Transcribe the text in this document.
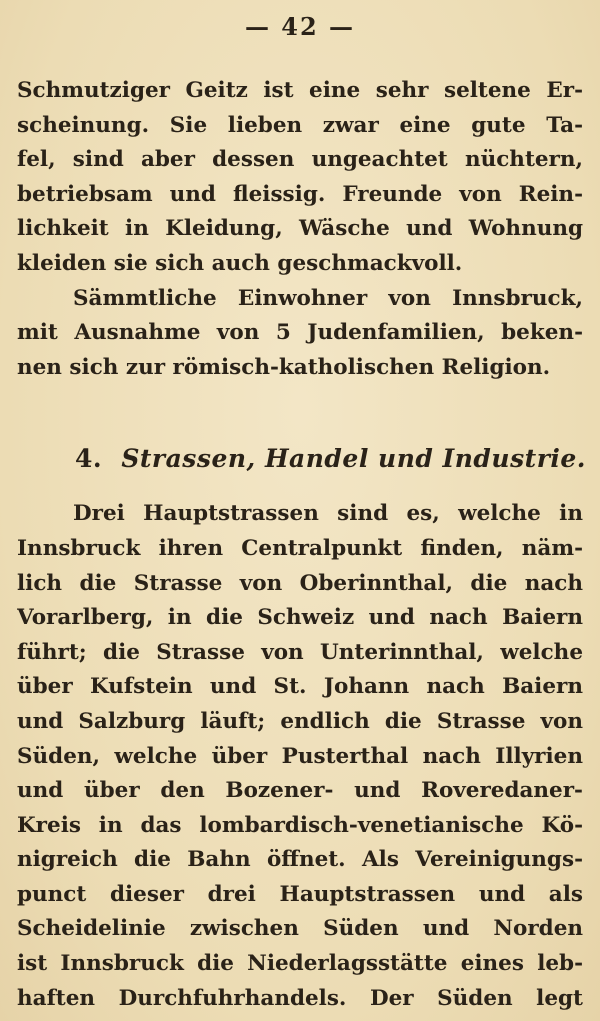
— 42 —
Schmutziger Geitz ist eine sehr seltene Er-
scheinung. Sie lieben zwar eine gute Ta-
fel, sind aber dessen ungeachtet nüchtern,
betriebsam und fleissig. Freunde von Rein-
lichkeit in Kleidung, Wäsche und Wohnung
kleiden sie sich auch geschmackvoll.
Sämmtliche Einwohner von Innsbruck,
mit Ausnahme von 5 Judenfamilien, beken-
nen sich zur römisch-katholischen Religion.
4. Strassen, Handel und Industrie.
Drei Hauptstrassen sind es, welche in
Innsbruck ihren Centralpunkt finden, näm-
lich die Strasse von Oberinnthal, die nach
Vorarlberg, in die Schweiz und nach Baiern
führt; die Strasse von Unterinnthal, welche
über Kufstein und St. Johann nach Baiern
und Salzburg läuft; endlich die Strasse von
Süden, welche über Pusterthal nach Illyrien
und über den Bozener- und Roveredaner-
Kreis in das lombardisch-venetianische Kö-
nigreich die Bahn öffnet. Als Vereinigungs-
punct dieser drei Hauptstrassen und als
Scheidelinie zwischen Süden und Norden
ist Innsbruck die Niederlagsstätte eines leb-
haften Durchfuhrhandels. Der Süden legt
